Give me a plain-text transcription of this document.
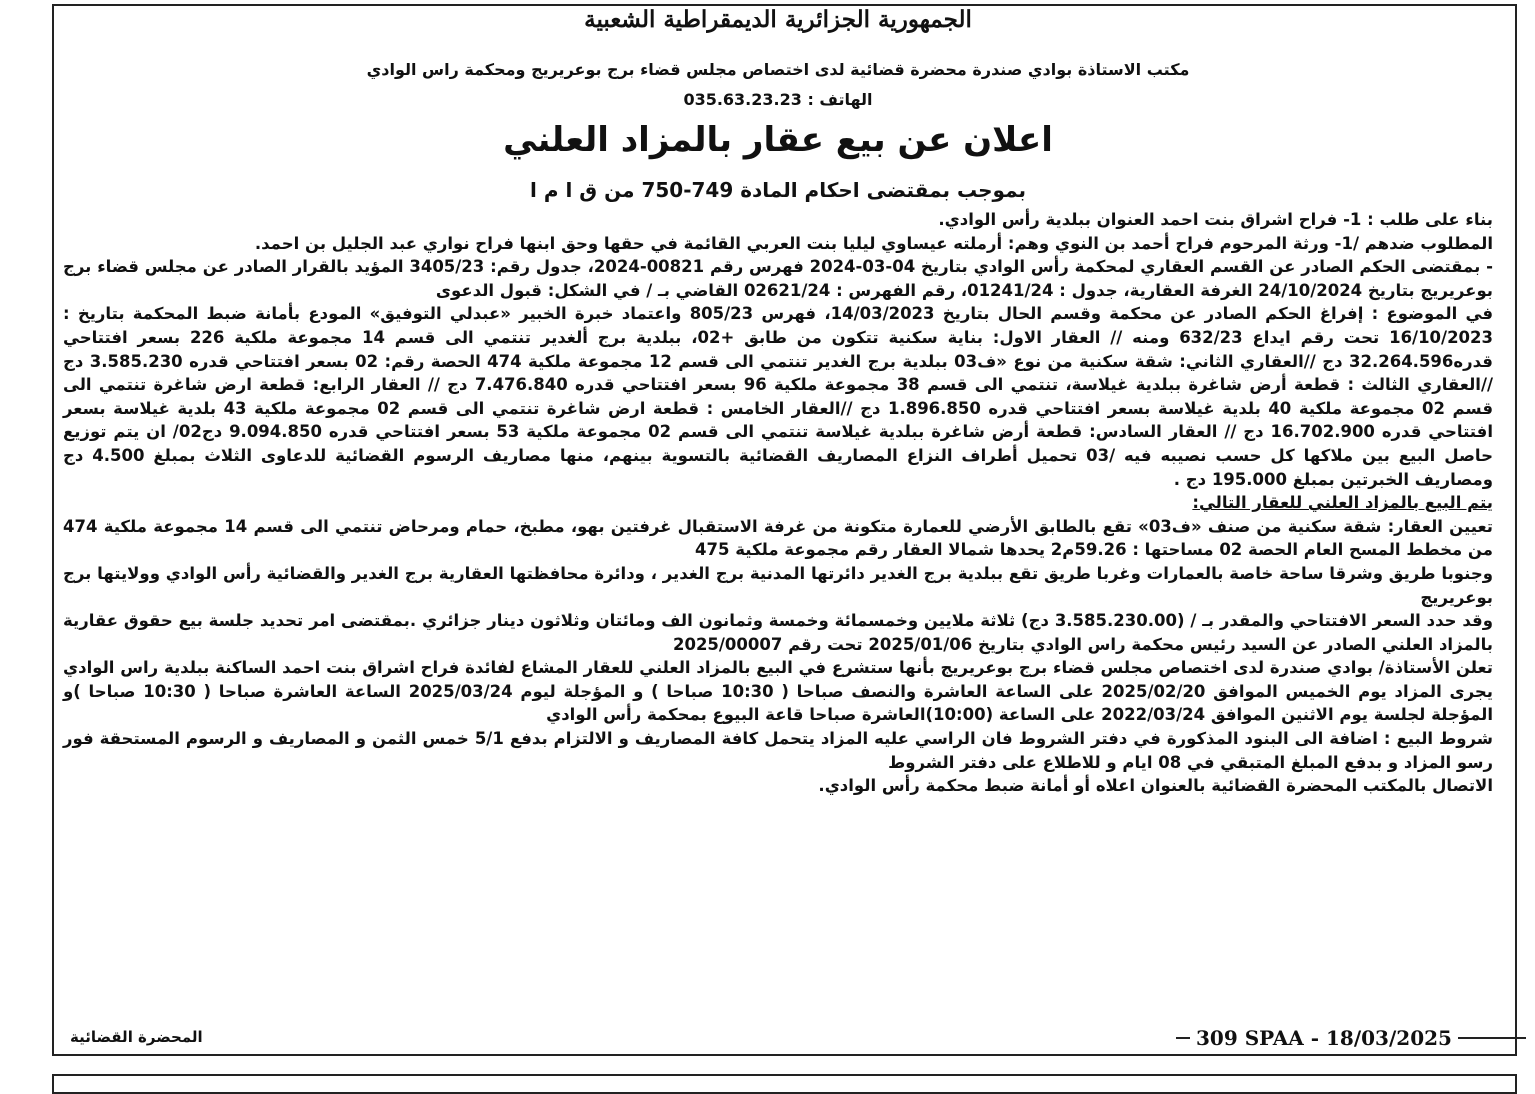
الجمهورية الجزائرية الديمقراطية الشعبية
مكتب الاستاذة بوادي صندرة محضرة قضائية لدى اختصاص مجلس قضاء برج بوعريريج ومحكمة راس الوادي
الهاتف : 035.63.23.23
اعلان عن بيع عقار بالمزاد العلني
بموجب بمقتضى احكام المادة 749-750 من ق ا م ا

بناء على طلب : 1- فراح اشراق بنت احمد العنوان ببلدية رأس الوادي.

المطلوب ضدهم /1- ورثة المرحوم فراح أحمد بن النوي وهم: أرملته عيساوي ليليا بنت العربي القائمة في حقها وحق ابنها فراح نواري عبد الجليل بن احمد.

- بمقتضى الحكم الصادر عن القسم العقاري لمحكمة رأس الوادي بتاريخ 04-03-2024 فهرس رقم 00821-2024، جدول رقم: 3405/23 المؤيد بالقرار الصادر عن مجلس قضاء برج بوعريريج بتاريخ 24/10/2024 الغرفة العقارية، جدول : 01241/24، رقم الفهرس : 02621/24 القاضي بـ / في الشكل: قبول الدعوى

في الموضوع : إفراغ الحكم الصادر عن محكمة وقسم الحال بتاريخ 14/03/2023، فهرس 805/23 واعتماد خبرة الخبير «عبدلي التوفيق» المودع بأمانة ضبط المحكمة بتاريخ : 16/10/2023 تحت رقم ايداع 632/23 ومنه // العقار الاول: بناية سكنية تتكون من طابق +02، ببلدية برج ألغدير تنتمي الى قسم 14 مجموعة ملكية 226 بسعر افتتاحي قدره32.264.596 دج //العقاري الثاني: شقة سكنية من نوع «ف03 ببلدية برج الغدير تنتمي الى قسم 12 مجموعة ملكية 474 الحصة رقم: 02 بسعر افتتاحي قدره 3.585.230 دج //العقاري الثالث : قطعة أرض شاغرة ببلدية غيلاسة، تنتمي الى قسم 38 مجموعة ملكية 96 بسعر افتتاحي قدره 7.476.840 دج // العقار الرابع: قطعة ارض شاغرة تنتمي الى قسم 02 مجموعة ملكية 40 بلدية غيلاسة بسعر افتتاحي قدره 1.896.850 دج //العقار الخامس : قطعة ارض شاغرة تنتمي الى قسم 02 مجموعة ملكية 43 بلدية غيلاسة بسعر افتتاحي قدره 16.702.900 دج // العقار السادس: قطعة أرض شاغرة ببلدية غيلاسة تنتمي الى قسم 02 مجموعة ملكية 53 بسعر افتتاحي قدره 9.094.850 دج02/ ان يتم توزيع حاصل البيع بين ملاكها كل حسب نصيبه فيه /03 تحميل أطراف النزاع المصاريف القضائية بالتسوية بينهم، منها مصاريف الرسوم القضائية للدعاوى الثلاث بمبلغ 4.500 دج ومصاريف الخبرتين بمبلغ 195.000 دج .

يتم البيع بالمزاد العلني للعقار التالي:

تعيين العقار: شقة سكنية من صنف «ف03» تقع بالطابق الأرضي للعمارة متكونة من غرفة الاستقبال غرفتين بهو، مطبخ، حمام ومرحاض تنتمي الى قسم 14 مجموعة ملكية 474 من مخطط المسح العام الحصة 02 مساحتها : 59.26م2 يحدها شمالا العقار رقم مجموعة ملكية 475

وجنوبا طريق وشرقا ساحة خاصة بالعمارات وغربا طريق تقع ببلدية برج الغدير دائرتها المدنية برج الغدير ، ودائرة محافظتها العقارية برج الغدير والقضائية رأس الوادي وولايتها برج بوعريريج

وقد حدد السعر الافتتاحي والمقدر بـ / (3.585.230.00 دج) ثلاثة ملايين وخمسمائة وخمسة وثمانون الف ومائتان وثلاثون دينار جزائري .بمقتضى امر تحديد جلسة بيع حقوق عقارية بالمزاد العلني الصادر عن السيد رئيس محكمة راس الوادي بتاريخ 2025/01/06 تحت رقم 2025/00007

تعلن الأستاذة/ بوادي صندرة لدى اختصاص مجلس قضاء برج بوعريريج بأنها ستشرع في البيع بالمزاد العلني للعقار المشاع لفائدة فراح اشراق بنت احمد الساكنة ببلدية راس الوادي يجرى المزاد يوم الخميس الموافق 2025/02/20 على الساعة العاشرة والنصف صباحا ( 10:30 صباحا ) و المؤجلة ليوم 2025/03/24 الساعة العاشرة صباحا ( 10:30 صباحا )و المؤجلة لجلسة يوم الاثنين الموافق 2022/03/24 على الساعة (10:00)العاشرة صباحا قاعة البيوع بمحكمة رأس الوادي

شروط البيع : اضافة الى البنود المذكورة في دفتر الشروط فان الراسي عليه المزاد يتحمل كافة المصاريف و الالتزام بدفع 5/1 خمس الثمن و المصاريف و الرسوم المستحقة فور رسو المزاد و بدفع المبلغ المتبقي في 08 ايام و للاطلاع على دفتر الشروط

الاتصال بالمكتب المحضرة القضائية بالعنوان اعلاه أو أمانة ضبط محكمة رأس الوادي.

المحضرة القضائية	309 SPAA - 18/03/2025
